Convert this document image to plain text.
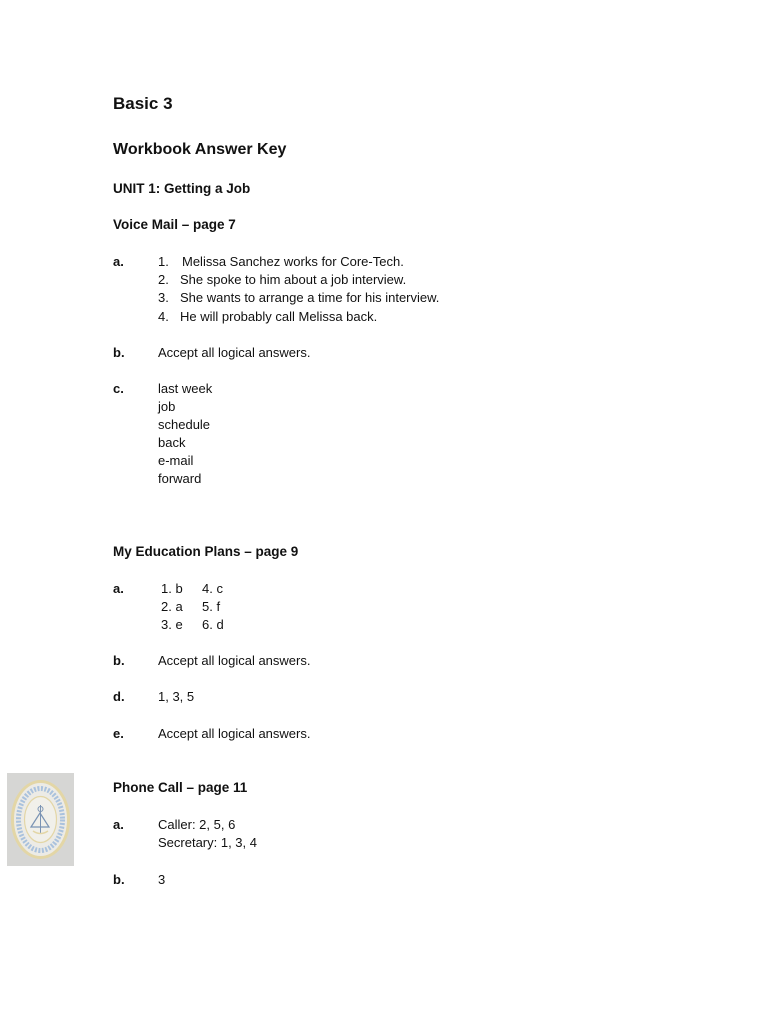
Basic 3
Workbook Answer Key
UNIT 1: Getting a Job
Voice Mail – page 7
a.	1. Melissa Sanchez works for Core-Tech.
2. She spoke to him about a job interview.
3. She wants to arrange a time for his interview.
4. He will probably call Melissa back.
b.	Accept all logical answers.
c.	last week
job
schedule
back
e-mail
forward
My Education Plans – page 9
a.	1. b 4. c
2. a 5. f
3. e 6. d
b.	Accept all logical answers.
d.	1, 3, 5
e.	Accept all logical answers.
Phone Call – page 11
a.	Caller: 2, 5, 6
Secretary: 1, 3, 4
b.	3
